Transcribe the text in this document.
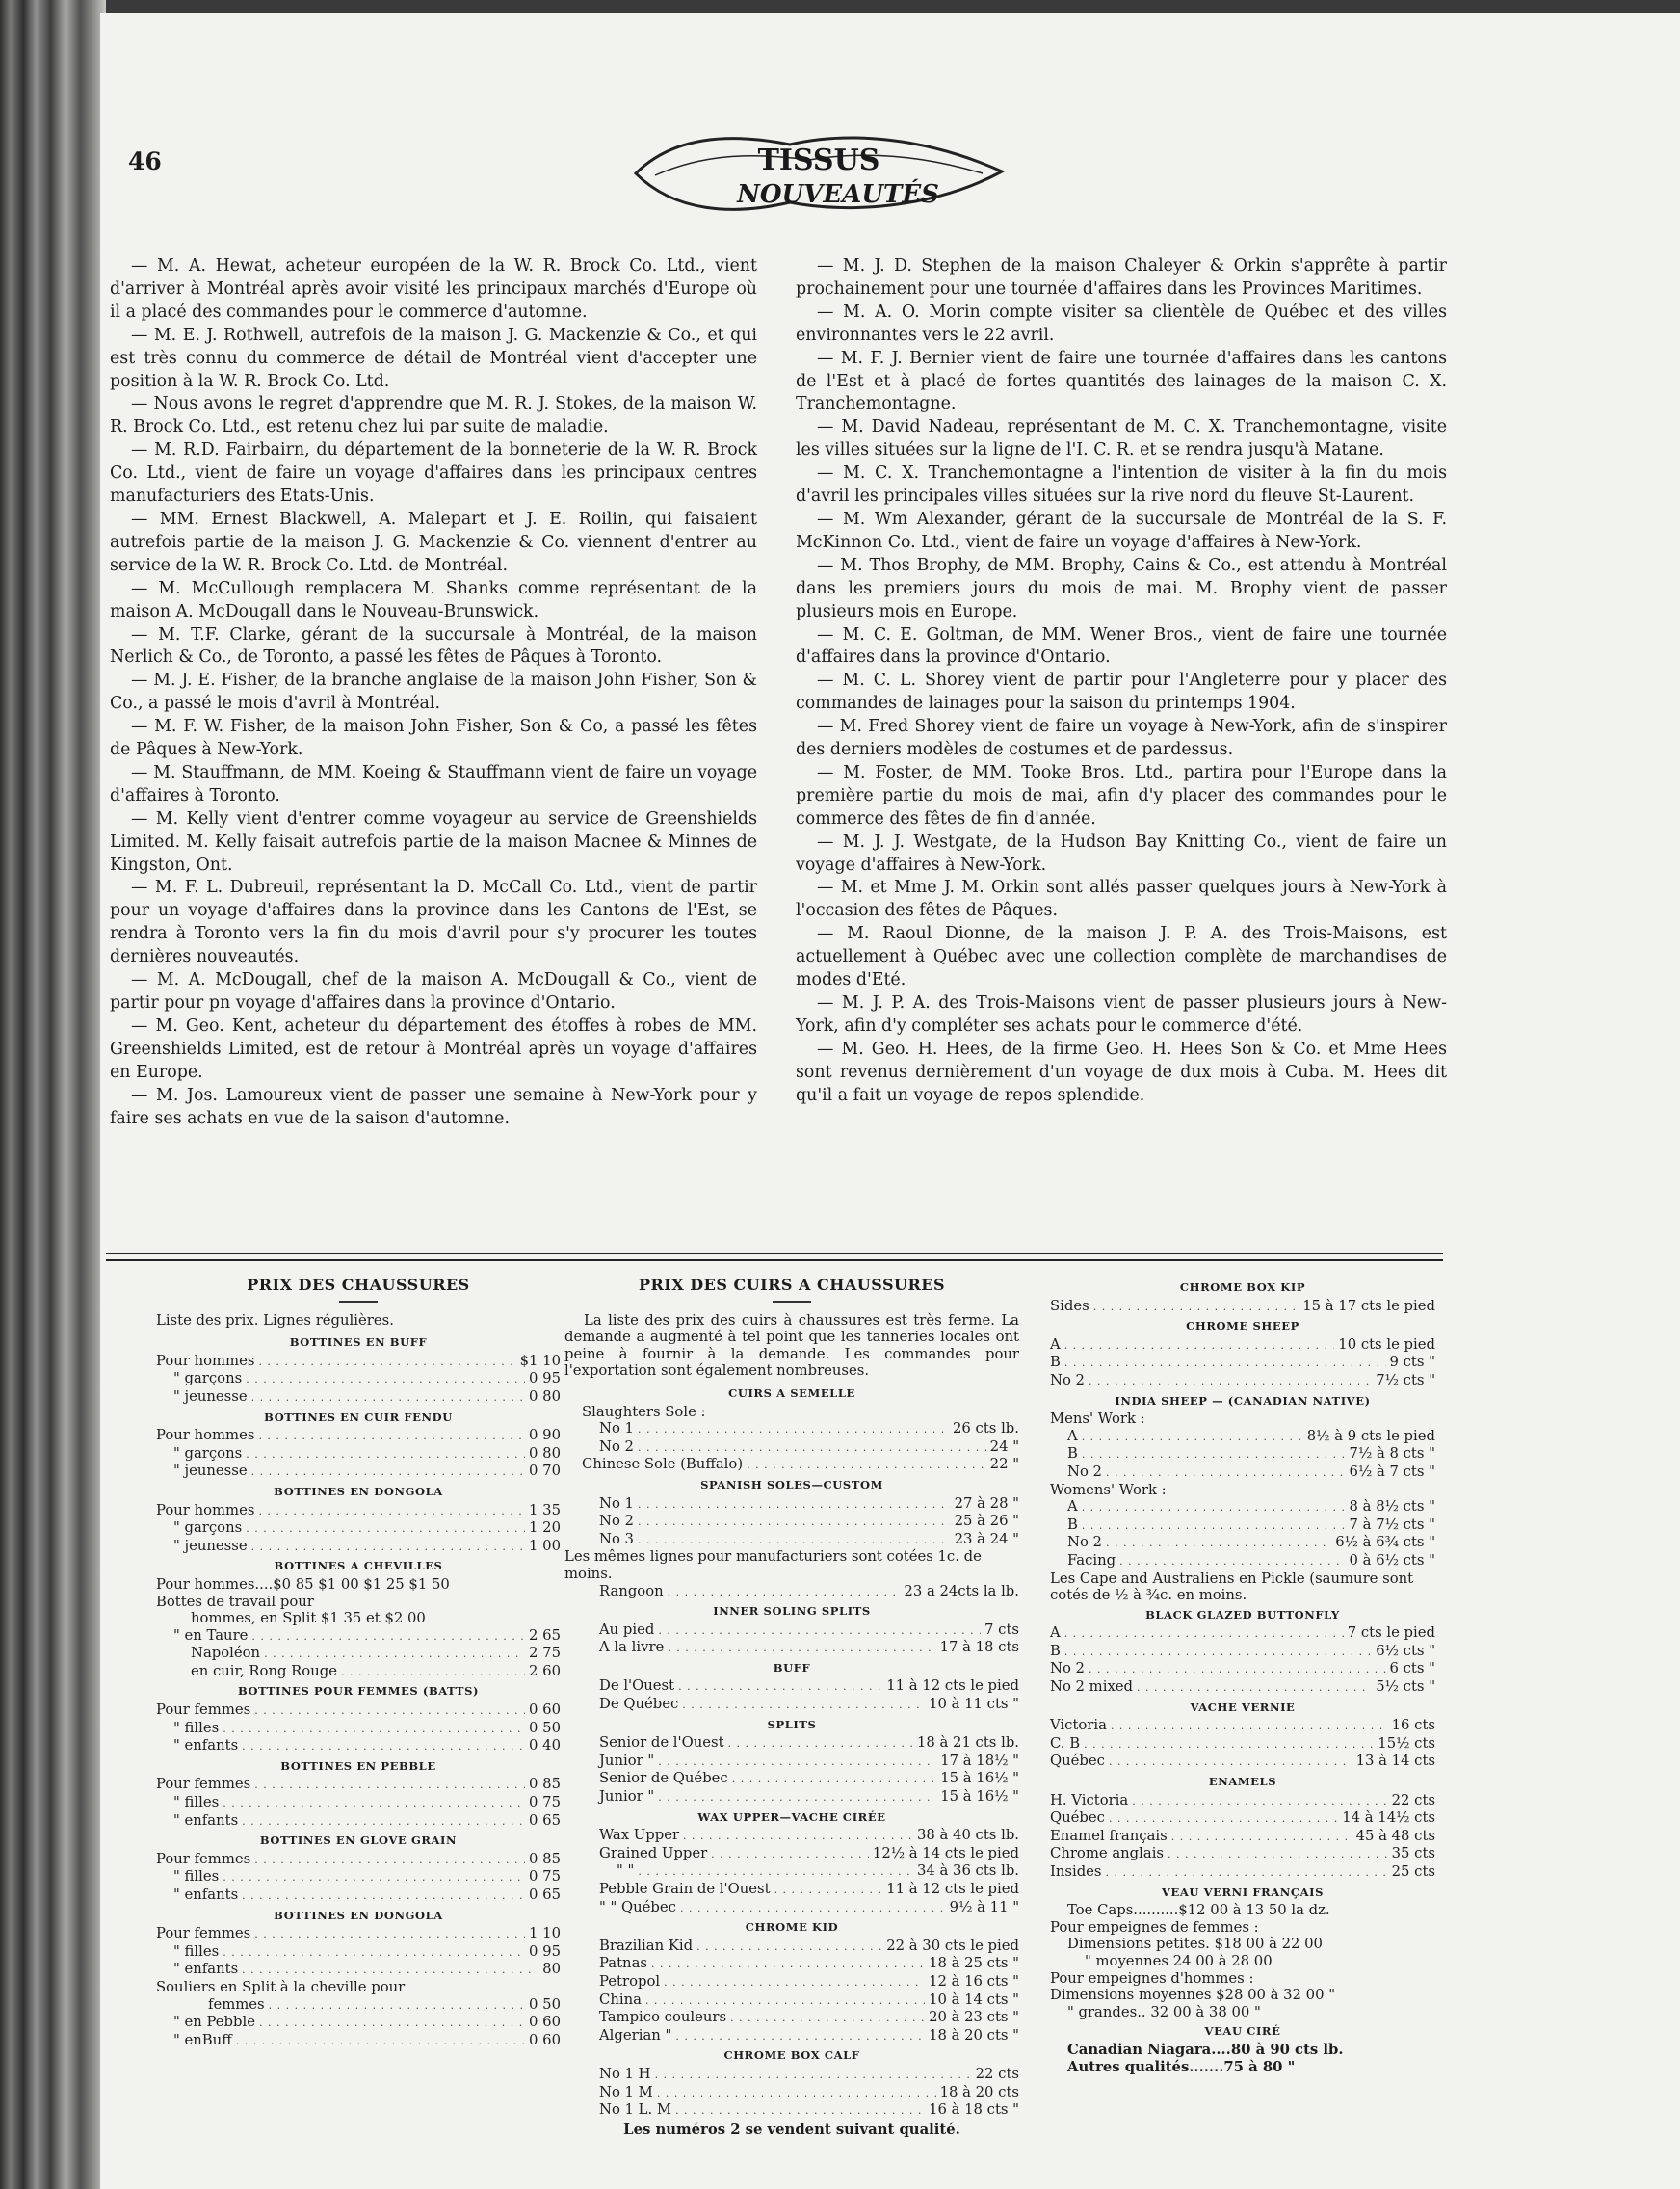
46	TISSUS
NOUVEAUTÉS

— M. A. Hewat, acheteur européen de la W. R. Brock Co. Ltd., vient d'arriver à Montréal après avoir visité les principaux marchés d'Europe où il a placé des commandes pour le commerce d'automne.

— M. E. J. Rothwell, autrefois de la maison J. G. Mackenzie & Co., et qui est très connu du commerce de détail de Montréal vient d'accepter une position à la W. R. Brock Co. Ltd.

— Nous avons le regret d'apprendre que M. R. J. Stokes, de la maison W. R. Brock Co. Ltd., est retenu chez lui par suite de maladie.

— M. R.D. Fairbairn, du département de la bonneterie de la W. R. Brock Co. Ltd., vient de faire un voyage d'affaires dans les principaux centres manufacturiers des Etats-Unis.

— MM. Ernest Blackwell, A. Malepart et J. E. Roilin, qui faisaient autrefois partie de la maison J. G. Mackenzie & Co. viennent d'entrer au service de la W. R. Brock Co. Ltd. de Montréal.

— M. McCullough remplacera M. Shanks comme représentant de la maison A. McDougall dans le Nouveau-Brunswick.

— M. T.F. Clarke, gérant de la succursale à Montréal, de la maison Nerlich & Co., de Toronto, a passé les fêtes de Pâques à Toronto.

— M. J. E. Fisher, de la branche anglaise de la maison John Fisher, Son & Co., a passé le mois d'avril à Montréal.

— M. F. W. Fisher, de la maison John Fisher, Son & Co, a passé les fêtes de Pâques à New-York.

— M. Stauffmann, de MM. Koeing & Stauffmann vient de faire un voyage d'affaires à Toronto.

— M. Kelly vient d'entrer comme voyageur au service de Greenshields Limited. M. Kelly faisait autrefois partie de la maison Macnee & Minnes de Kingston, Ont.

— M. F. L. Dubreuil, représentant la D. McCall Co. Ltd., vient de partir pour un voyage d'affaires dans la province dans les Cantons de l'Est, se rendra à Toronto vers la fin du mois d'avril pour s'y procurer les toutes dernières nouveautés.

— M. A. McDougall, chef de la maison A. McDougall & Co., vient de partir pour pn voyage d'affaires dans la province d'Ontario.

— M. Geo. Kent, acheteur du département des étoffes à robes de MM. Greenshields Limited, est de retour à Montréal après un voyage d'affaires en Europe.

— M. Jos. Lamoureux vient de passer une semaine à New-York pour y faire ses achats en vue de la saison d'automne.

— M. J. D. Stephen de la maison Chaleyer & Orkin s'apprête à partir prochainement pour une tournée d'affaires dans les Provinces Maritimes.

— M. A. O. Morin compte visiter sa clientèle de Québec et des villes environnantes vers le 22 avril.

— M. F. J. Bernier vient de faire une tournée d'affaires dans les cantons de l'Est et à placé de fortes quantités des lainages de la maison C. X. Tranchemontagne.

— M. David Nadeau, représentant de M. C. X. Tranchemontagne, visite les villes situées sur la ligne de l'I. C. R. et se rendra jusqu'à Matane.

— M. C. X. Tranchemontagne a l'intention de visiter à la fin du mois d'avril les principales villes situées sur la rive nord du fleuve St-Laurent.

— M. Wm Alexander, gérant de la succursale de Montréal de la S. F. McKinnon Co. Ltd., vient de faire un voyage d'affaires à New-York.

— M. Thos Brophy, de MM. Brophy, Cains & Co., est attendu à Montréal dans les premiers jours du mois de mai. M. Brophy vient de passer plusieurs mois en Europe.

— M. C. E. Goltman, de MM. Wener Bros., vient de faire une tournée d'affaires dans la province d'Ontario.

— M. C. L. Shorey vient de partir pour l'Angleterre pour y placer des commandes de lainages pour la saison du printemps 1904.

— M. Fred Shorey vient de faire un voyage à New-York, afin de s'inspirer des derniers modèles de costumes et de pardessus.

— M. Foster, de MM. Tooke Bros. Ltd., partira pour l'Europe dans la première partie du mois de mai, afin d'y placer des commandes pour le commerce des fêtes de fin d'année.

— M. J. J. Westgate, de la Hudson Bay Knitting Co., vient de faire un voyage d'affaires à New-York.

— M. et Mme J. M. Orkin sont allés passer quelques jours à New-York à l'occasion des fêtes de Pâques.

— M. Raoul Dionne, de la maison J. P. A. des Trois-Maisons, est actuellement à Québec avec une collection complète de marchandises de modes d'Eté.

— M. J. P. A. des Trois-Maisons vient de passer plusieurs jours à New-York, afin d'y compléter ses achats pour le commerce d'été.

— M. Geo. H. Hees, de la firme Geo. H. Hees Son & Co. et Mme Hees sont revenus dernièrement d'un voyage de dux mois à Cuba. M. Hees dit qu'il a fait un voyage de repos splendide.

PRIX DES CHAUSSURES

Liste des prix. Lignes régulières.

BOTTINES EN BUFF
Pour hommes . . .	$1 10
" garçons . . .	0 95
" jeunesse . . .	0 80
BOTTINES EN CUIR FENDU
Pour hommes . . .	0 90
" garçons . . .	0 80
" jeunesse . . .	0 70
BOTTINES EN DONGOLA
Pour hommes . . .	1 35
" garçons . . .	1 20
" jeunesse . . .	1 00
BOTTINES A CHEVILLES
Pour hommes....$0 85 $1 00 $1 25 $1 50
Bottes de travail pour
hommes, en Split $1 35 et $2 00
" en Taure . . .	2 65
Napoléon . . .	2 75
en cuir, Rong Rouge . . .	2 60
BOTTINES POUR FEMMES (BATTS)
Pour femmes . . .	0 60
" filles . . .	0 50
" enfants . . .	0 40
BOTTINES EN PEBBLE
Pour femmes . . .	0 85
" filles . . .	0 75
" enfants . . .	0 65
BOTTINES EN GLOVE GRAIN
Pour femmes . . .	0 85
" filles . . .	0 75
" enfants . . .	0 65
BOTTINES EN DONGOLA
Pour femmes . . .	1 10
" filles . . .	0 95
" enfants . . .	80
Souliers en Split à la cheville pour
femmes . . .	0 50
" en Pebble . . .	0 60
" enBuff . . .	0 60

PRIX DES CUIRS A CHAUSSURES

La liste des prix des cuirs à chaussures est très ferme. La demande a augmenté à tel point que les tanneries locales ont peine à fournir à la demande. Les commandes pour l'exportation sont également nombreuses.

CUIRS A SEMELLE
Slaughters Sole :
No 1 . . .	26 cts lb.
No 2 . . .	24 "
Chinese Sole (Buffalo) . . .	22 "
SPANISH SOLES—CUSTOM
No 1 . . .	27 à 28 "
No 2 . . .	25 à 26 "
No 3 . . .	23 à 24 "
Les mêmes lignes pour manufacturiers sont cotées 1c. de moins.
Rangoon . . .	23 a 24cts la lb.
INNER SOLING SPLITS
Au pied . . .	7 cts
A la livre . . .	17 à 18 cts
BUFF
De l'Ouest . . .	11 à 12 cts le pied
De Québec . . .	10 à 11 cts "
SPLITS
Senior de l'Ouest . . .	18 à 21 cts lb.
Junior " . . .	17 à 18½ "
Senior de Québec . . .	15 à 16½ "
Junior " . . .	15 à 16½ "
WAX UPPER—VACHE CIRÉE
Wax Upper . . .	38 à 40 cts lb.
Grained Upper . . .	12½ à 14 cts le pied
" " . . .	34 à 36 cts lb.
Pebble Grain de l'Ouest . . .	11 à 12 cts le pied
" " Québec . . .	9½ à 11 "
CHROME KID
Brazilian Kid . . .	22 à 30 cts le pied
Patnas . . .	18 à 25 cts "
Petropol . . .	12 à 16 cts "
China . . .	10 à 14 cts "
Tampico couleurs . . .	20 à 23 cts "
Algerian " . . .	18 à 20 cts "
CHROME BOX CALF
No 1 H . . .	22 cts
No 1 M . . .	18 à 20 cts
No 1 L. M . . .	16 à 18 cts "

Les numéros 2 se vendent suivant qualité.

CHROME BOX KIP
Sides . . .	15 à 17 cts le pied
CHROME SHEEP
A . . .	10 cts le pied
B . . .	9 cts "
No 2 . . .	7½ cts "
INDIA SHEEP — (CANADIAN NATIVE)
Mens' Work :
A . . .	8½ à 9 cts le pied
B . . .	7½ à 8 cts "
No 2 . . .	6½ à 7 cts "
Womens' Work :
A . . .	8 à 8½ cts "
B . . .	7 à 7½ cts "
No 2 . . .	6½ à 6¾ cts "
Facing . . .	0 à 6½ cts "
Les Cape and Australiens en Pickle (saumure sont cotés de ½ à ¾c. en moins.
BLACK GLAZED BUTTONFLY
A . . .	7 cts le pied
B . . .	6½ cts "
No 2 . . .	6 cts "
No 2 mixed . . .	5½ cts "
VACHE VERNIE
Victoria . . .	16 cts
C. B . . .	15½ cts
Québec . . .	13 à 14 cts
ENAMELS
H. Victoria . . .	22 cts
Québec . . .	14 à 14½ cts
Enamel français . . .	45 à 48 cts
Chrome anglais . . .	35 cts
Insides . . .	25 cts
VEAU VERNI FRANÇAIS
Toe Caps..........$12 00 à 13 50 la dz.
Pour empeignes de femmes :
Dimensions petites. $18 00 à 22 00
" moyennes 24 00 à 28 00
Pour empeignes d'hommes :
Dimensions moyennes $28 00 à 32 00 "
" grandes.. 32 00 à 38 00 "
VEAU CIRÉ
Canadian Niagara....80 à 90 cts lb.
Autres qualités.......75 à 80 "
